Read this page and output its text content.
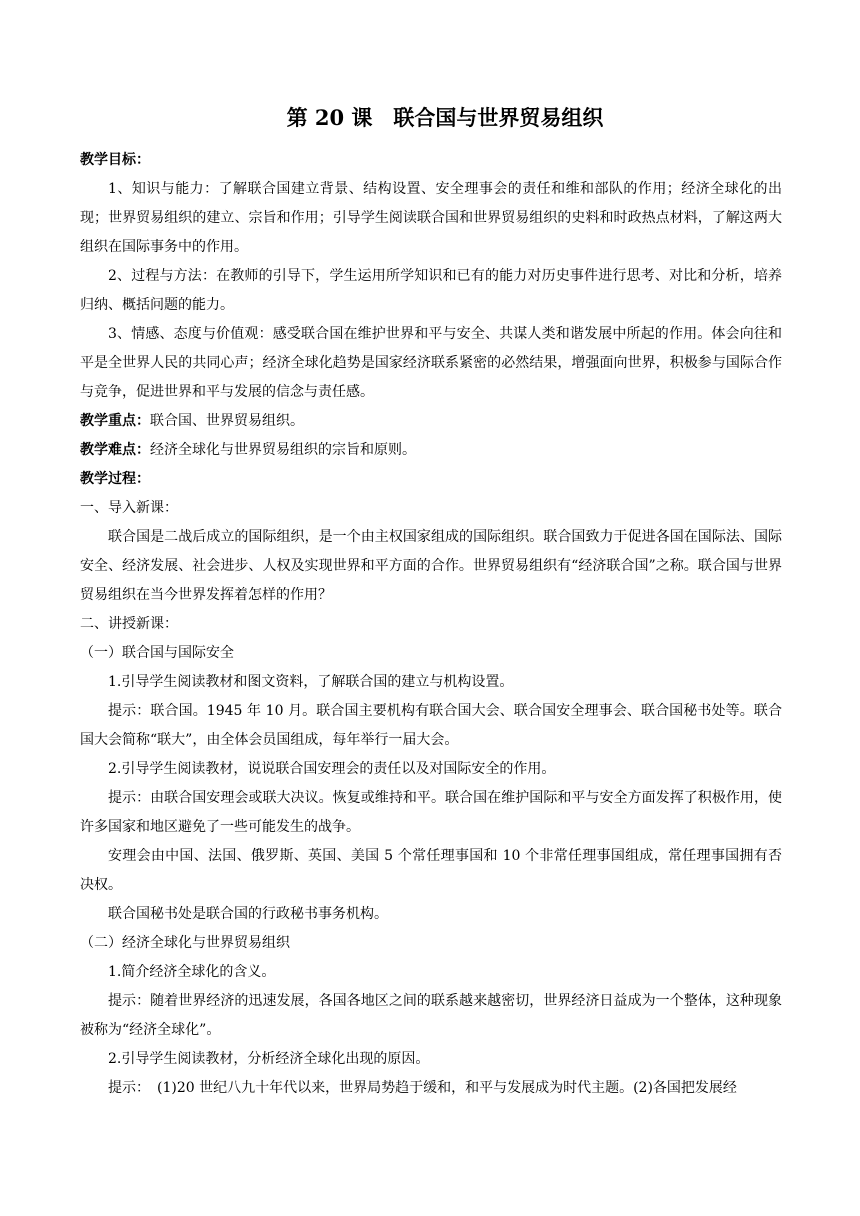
第 20 课　联合国与世界贸易组织

教学目标：

1、知识与能力：了解联合国建立背景、结构设置、安全理事会的责任和维和部队的作用；经济全球化的出现；世界贸易组织的建立、宗旨和作用；引导学生阅读联合国和世界贸易组织的史料和时政热点材料，了解这两大组织在国际事务中的作用。

2、过程与方法：在教师的引导下，学生运用所学知识和已有的能力对历史事件进行思考、对比和分析，培养归纳、概括问题的能力。

3、情感、态度与价值观：感受联合国在维护世界和平与安全、共谋人类和谐发展中所起的作用。体会向往和平是全世界人民的共同心声；经济全球化趋势是国家经济联系紧密的必然结果，增强面向世界，积极参与国际合作与竞争，促进世界和平与发展的信念与责任感。

教学重点：联合国、世界贸易组织。

教学难点：经济全球化与世界贸易组织的宗旨和原则。

教学过程：

一、导入新课：

联合国是二战后成立的国际组织，是一个由主权国家组成的国际组织。联合国致力于促进各国在国际法、国际安全、经济发展、社会进步、人权及实现世界和平方面的合作。世界贸易组织有“经济联合国”之称。联合国与世界贸易组织在当今世界发挥着怎样的作用？

二、讲授新课：

（一）联合国与国际安全

1.引导学生阅读教材和图文资料，了解联合国的建立与机构设置。

提示：联合国。1945 年 10 月。联合国主要机构有联合国大会、联合国安全理事会、联合国秘书处等。联合国大会简称“联大”，由全体会员国组成，每年举行一届大会。

2.引导学生阅读教材，说说联合国安理会的责任以及对国际安全的作用。

提示：由联合国安理会或联大决议。恢复或维持和平。联合国在维护国际和平与安全方面发挥了积极作用，使许多国家和地区避免了一些可能发生的战争。

安理会由中国、法国、俄罗斯、英国、美国 5 个常任理事国和 10 个非常任理事国组成，常任理事国拥有否决权。

联合国秘书处是联合国的行政秘书事务机构。

（二）经济全球化与世界贸易组织

1.简介经济全球化的含义。

提示：随着世界经济的迅速发展，各国各地区之间的联系越来越密切，世界经济日益成为一个整体，这种现象被称为“经济全球化”。

2.引导学生阅读教材，分析经济全球化出现的原因。

提示：　(1)20 世纪八九十年代以来，世界局势趋于缓和，和平与发展成为时代主题。(2)各国把发展经
